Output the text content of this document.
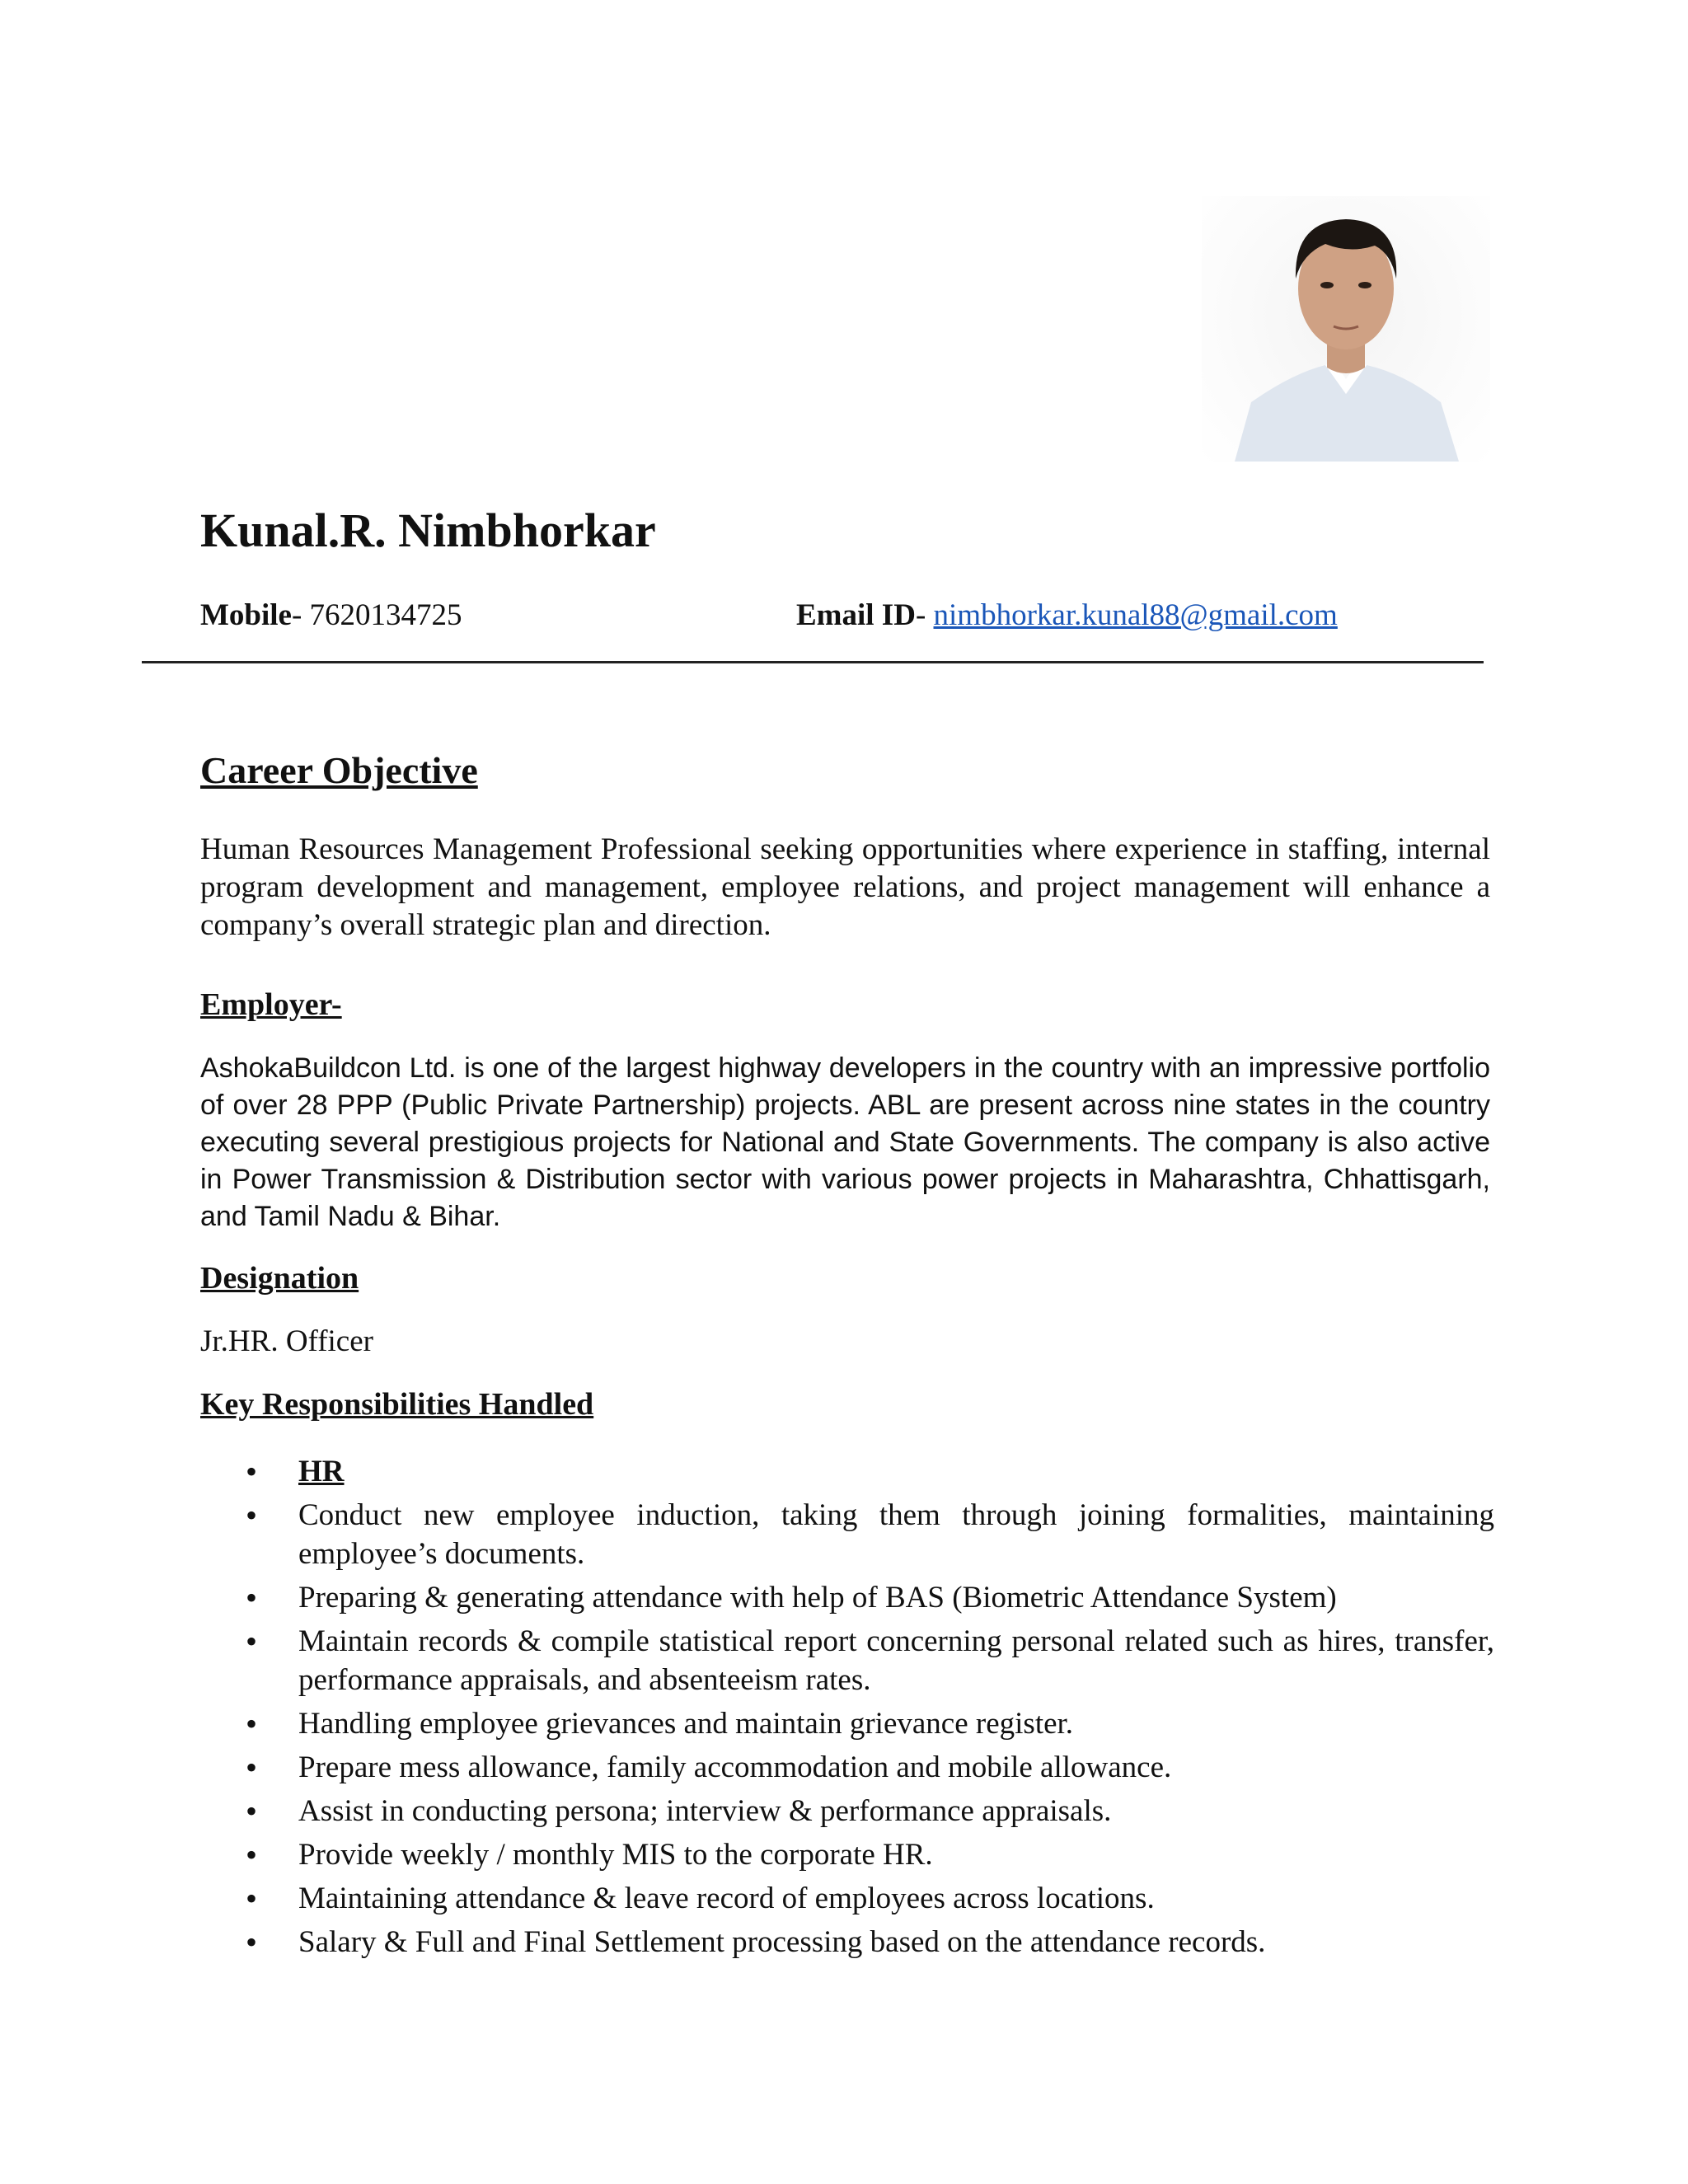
Kunal.R. Nimbhorkar
Mobile- 7620134725	Email ID- nimbhorkar.kunal88@gmail.com
Career Objective
Human Resources Management Professional seeking opportunities where experience in staffing, internal program development and management, employee relations, and project management will enhance a company’s overall strategic plan and direction.
Employer-
AshokaBuildcon Ltd. is one of the largest highway developers in the country with an impressive portfolio of over 28 PPP (Public Private Partnership) projects. ABL are present across nine states in the country executing several prestigious projects for National and State Governments. The company is also active in Power Transmission & Distribution sector with various power projects in Maharashtra, Chhattisgarh, and Tamil Nadu & Bihar.
Designation
Jr.HR. Officer
Key Responsibilities Handled
• HR
• Conduct new employee induction, taking them through joining formalities, maintaining employee’s documents.
• Preparing & generating attendance with help of BAS (Biometric Attendance System)
• Maintain records & compile statistical report concerning personal related such as hires, transfer, performance appraisals, and absenteeism rates.
• Handling employee grievances and maintain grievance register.
• Prepare mess allowance, family accommodation and mobile allowance.
• Assist in conducting persona; interview & performance appraisals.
• Provide weekly / monthly MIS to the corporate HR.
• Maintaining attendance & leave record of employees across locations.
• Salary & Full and Final Settlement processing based on the attendance records.
